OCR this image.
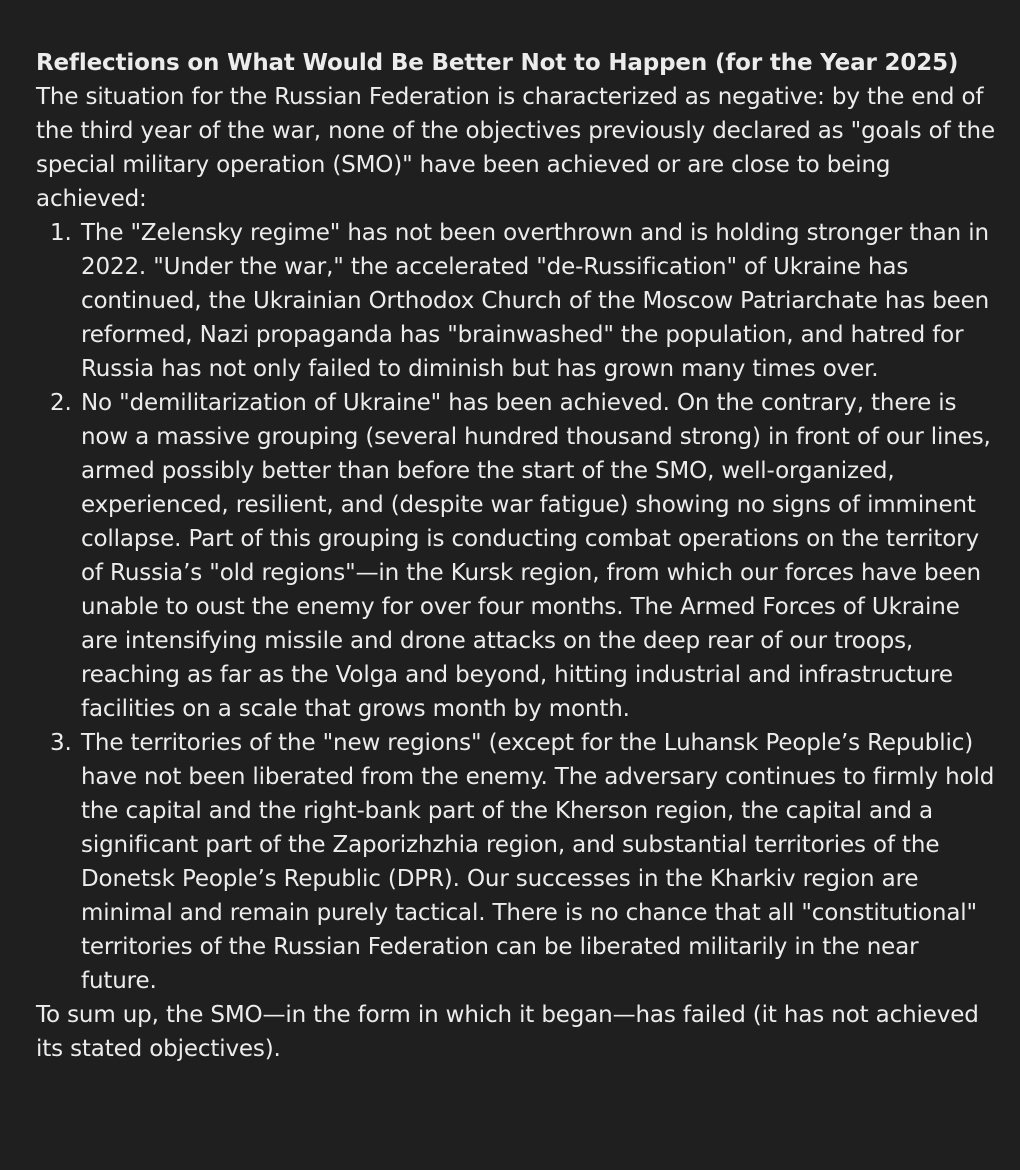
Reflections on What Would Be Better Not to Happen (for the Year 2025)

The situation for the Russian Federation is characterized as negative: by the end of the third year of the war, none of the objectives previously declared as "goals of the special military operation (SMO)" have been achieved or are close to being achieved:

1. The "Zelensky regime" has not been overthrown and is holding stronger than in 2022. "Under the war," the accelerated "de-Russification" of Ukraine has continued, the Ukrainian Orthodox Church of the Moscow Patriarchate has been reformed, Nazi propaganda has "brainwashed" the population, and hatred for Russia has not only failed to diminish but has grown many times over.
2. No "demilitarization of Ukraine" has been achieved. On the contrary, there is now a massive grouping (several hundred thousand strong) in front of our lines, armed possibly better than before the start of the SMO, well-organized, experienced, resilient, and (despite war fatigue) showing no signs of imminent collapse. Part of this grouping is conducting combat operations on the territory of Russia’s "old regions"—in the Kursk region, from which our forces have been unable to oust the enemy for over four months. The Armed Forces of Ukraine are intensifying missile and drone attacks on the deep rear of our troops, reaching as far as the Volga and beyond, hitting industrial and infrastructure facilities on a scale that grows month by month.
3. The territories of the "new regions" (except for the Luhansk People’s Republic) have not been liberated from the enemy. The adversary continues to firmly hold the capital and the right-bank part of the Kherson region, the capital and a significant part of the Zaporizhzhia region, and substantial territories of the Donetsk People’s Republic (DPR). Our successes in the Kharkiv region are minimal and remain purely tactical. There is no chance that all "constitutional" territories of the Russian Federation can be liberated militarily in the near future.

To sum up, the SMO—in the form in which it began—has failed (it has not achieved its stated objectives).
